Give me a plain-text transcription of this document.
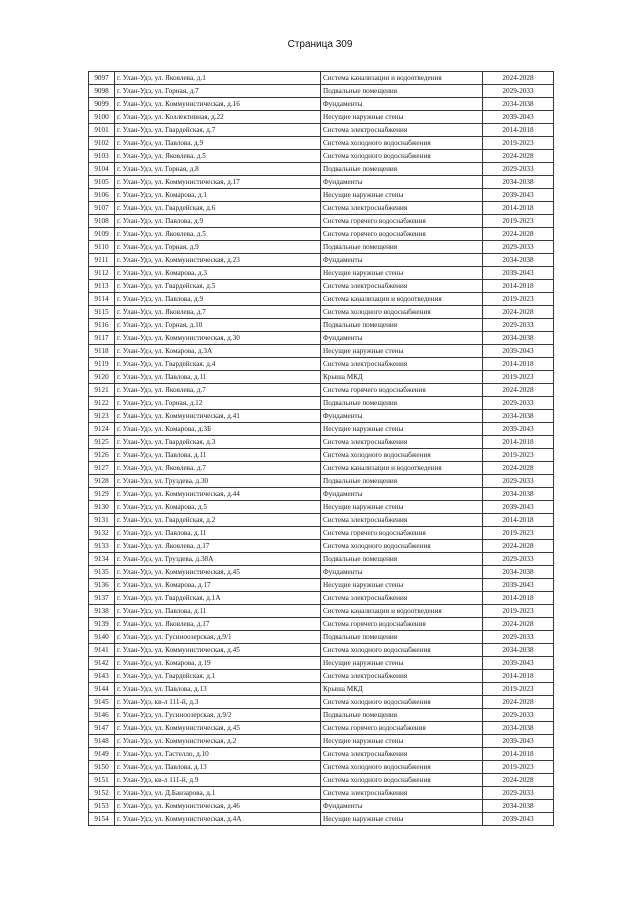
Страница 309
9097	г. Улан-Удэ, ул. Яковлева, д.1	Система канализации и водоотведения	2024-2028
9098	г. Улан-Удэ, ул. Горная, д.7	Подвальные помещения	2029-2033
9099	г. Улан-Удэ, ул. Коммунистическая, д.16	Фундаменты	2034-2038
9100	г. Улан-Удэ, ул. Коллективная, д.22	Несущие наружные стены	2039-2043
9101	г. Улан-Удэ, ул. Гвардейская, д.7	Система электроснабжения	2014-2018
9102	г. Улан-Удэ, ул. Павлова, д.9	Система холодного водоснабжения	2019-2023
9103	г. Улан-Удэ, ул. Яковлева, д.5	Система холодного водоснабжения	2024-2028
9104	г. Улан-Удэ, ул. Горная, д.8	Подвальные помещения	2029-2033
9105	г. Улан-Удэ, ул. Коммунистическая, д.17	Фундаменты	2034-2038
9106	г. Улан-Удэ, ул. Комарова, д.1	Несущие наружные стены	2039-2043
9107	г. Улан-Удэ, ул. Гвардейская, д.6	Система электроснабжения	2014-2018
9108	г. Улан-Удэ, ул. Павлова, д.9	Система горячего водоснабжения	2019-2023
9109	г. Улан-Удэ, ул. Яковлева, д.5	Система горячего водоснабжения	2024-2028
9110	г. Улан-Удэ, ул. Горная, д.9	Подвальные помещения	2029-2033
9111	г. Улан-Удэ, ул. Коммунистическая, д.23	Фундаменты	2034-2038
9112	г. Улан-Удэ, ул. Комарова, д.3	Несущие наружные стены	2039-2043
9113	г. Улан-Удэ, ул. Гвардейская, д.5	Система электроснабжения	2014-2018
9114	г. Улан-Удэ, ул. Павлова, д.9	Система канализации и водоотведения	2019-2023
9115	г. Улан-Удэ, ул. Яковлева, д.7	Система холодного водоснабжения	2024-2028
9116	г. Улан-Удэ, ул. Горная, д.10	Подвальные помещения	2029-2033
9117	г. Улан-Удэ, ул. Коммунистическая, д.30	Фундаменты	2034-2038
9118	г. Улан-Удэ, ул. Комарова, д.3А	Несущие наружные стены	2039-2043
9119	г. Улан-Удэ, ул. Гвардейская, д.4	Система электроснабжения	2014-2018
9120	г. Улан-Удэ, ул. Павлова, д.11	Крыша МКД	2019-2023
9121	г. Улан-Удэ, ул. Яковлева, д.7	Система горячего водоснабжения	2024-2028
9122	г. Улан-Удэ, ул. Горная, д.12	Подвальные помещения	2029-2033
9123	г. Улан-Удэ, ул. Коммунистическая, д.41	Фундаменты	2034-2038
9124	г. Улан-Удэ, ул. Комарова, д.3Б	Несущие наружные стены	2039-2043
9125	г. Улан-Удэ, ул. Гвардейская, д.3	Система электроснабжения	2014-2018
9126	г. Улан-Удэ, ул. Павлова, д.11	Система холодного водоснабжения	2019-2023
9127	г. Улан-Удэ, ул. Яковлева, д.7	Система канализации и водоотведения	2024-2028
9128	г. Улан-Удэ, ул. Груздева, д.30	Подвальные помещения	2029-2033
9129	г. Улан-Удэ, ул. Коммунистическая, д.44	Фундаменты	2034-2038
9130	г. Улан-Удэ, ул. Комарова, д.5	Несущие наружные стены	2039-2043
9131	г. Улан-Удэ, ул. Гвардейская, д.2	Система электроснабжения	2014-2018
9132	г. Улан-Удэ, ул. Павлова, д.11	Система горячего водоснабжения	2019-2023
9133	г. Улан-Удэ, ул. Яковлева, д.17	Система холодного водоснабжения	2024-2028
9134	г. Улан-Удэ, ул. Груздева, д.38А	Подвальные помещения	2029-2033
9135	г. Улан-Удэ, ул. Коммунистическая, д.45	Фундаменты	2034-2038
9136	г. Улан-Удэ, ул. Комарова, д.17	Несущие наружные стены	2039-2043
9137	г. Улан-Удэ, ул. Гвардейская, д.1А	Система электроснабжения	2014-2018
9138	г. Улан-Удэ, ул. Павлова, д.11	Система канализации и водоотведения	2019-2023
9139	г. Улан-Удэ, ул. Яковлева, д.17	Система горячего водоснабжения	2024-2028
9140	г. Улан-Удэ, ул. Гусиноозерская, д.9/1	Подвальные помещения	2029-2033
9141	г. Улан-Удэ, ул. Коммунистическая, д.45	Система холодного водоснабжения	2034-2038
9142	г. Улан-Удэ, ул. Комарова, д.19	Несущие наружные стены	2039-2043
9143	г. Улан-Удэ, ул. Гвардейская, д.1	Система электроснабжения	2014-2018
9144	г. Улан-Удэ, ул. Павлова, д.13	Крыша МКД	2019-2023
9145	г. Улан-Удэ, кв-л 111-й, д.3	Система холодного водоснабжения	2024-2028
9146	г. Улан-Удэ, ул. Гусиноозерская, д.9/2	Подвальные помещения	2029-2033
9147	г. Улан-Удэ, ул. Коммунистическая, д.45	Система горячего водоснабжения	2034-2038
9148	г. Улан-Удэ, ул. Коммунистическая, д.2	Несущие наружные стены	2039-2043
9149	г. Улан-Удэ, ул. Гастелло, д.10	Система электроснабжения	2014-2018
9150	г. Улан-Удэ, ул. Павлова, д.13	Система холодного водоснабжения	2019-2023
9151	г. Улан-Удэ, кв-л 111-й, д.9	Система холодного водоснабжения	2024-2028
9152	г. Улан-Удэ, ул. Д.Банзарова, д.1	Система электроснабжения	2029-2033
9153	г. Улан-Удэ, ул. Коммунистическая, д.46	Фундаменты	2034-2038
9154	г. Улан-Удэ, ул. Коммунистическая, д.4А	Несущие наружные стены	2039-2043
